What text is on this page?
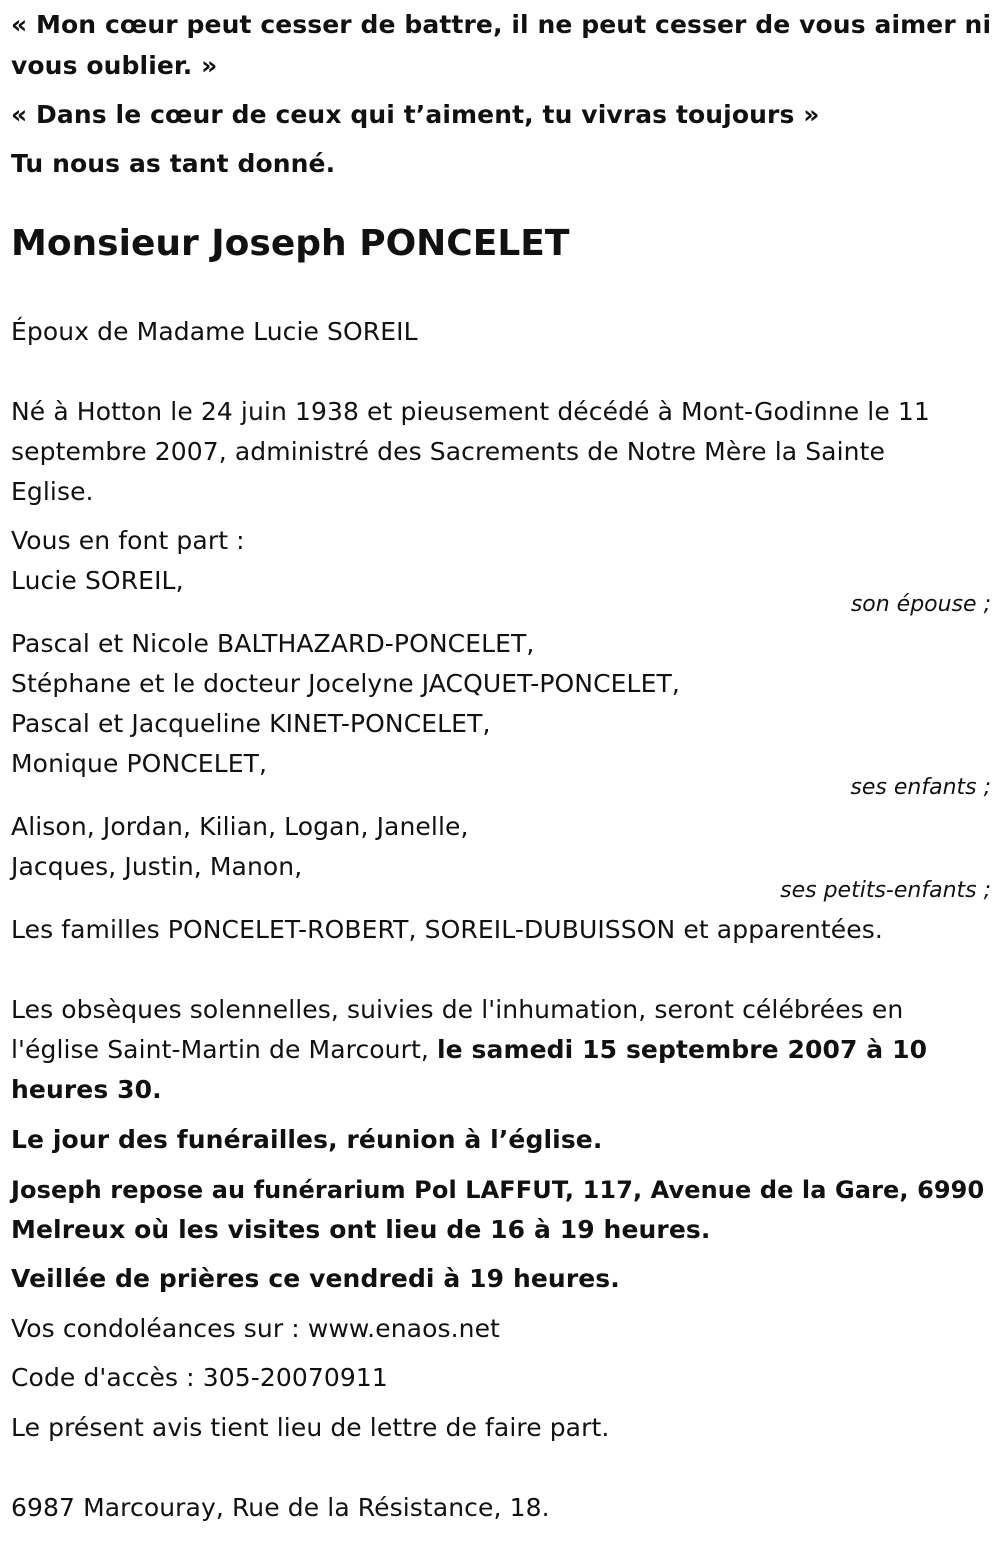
« Mon cœur peut cesser de battre, il ne peut cesser de vous aimer ni
vous oublier. »
« Dans le cœur de ceux qui t’aiment, tu vivras toujours »
Tu nous as tant donné.
Monsieur Joseph PONCELET
Époux de Madame Lucie SOREIL
Né à Hotton le 24 juin 1938 et pieusement décédé à Mont-Godinne le 11
septembre 2007, administré des Sacrements de Notre Mère la Sainte
Eglise.
Vous en font part :
Lucie SOREIL,
son épouse ;
Pascal et Nicole BALTHAZARD-PONCELET,
Stéphane et le docteur Jocelyne JACQUET-PONCELET,
Pascal et Jacqueline KINET-PONCELET,
Monique PONCELET,
ses enfants ;
Alison, Jordan, Kilian, Logan, Janelle,
Jacques, Justin, Manon,
ses petits-enfants ;
Les familles PONCELET-ROBERT, SOREIL-DUBUISSON et apparentées.
Les obsèques solennelles, suivies de l'inhumation, seront célébrées en
l'église Saint-Martin de Marcourt, le samedi 15 septembre 2007 à 10
heures 30.
Le jour des funérailles, réunion à l’église.
Joseph repose au funérarium Pol LAFFUT, 117, Avenue de la Gare, 6990
Melreux où les visites ont lieu de 16 à 19 heures.
Veillée de prières ce vendredi à 19 heures.
Vos condoléances sur : www.enaos.net
Code d'accès : 305-20070911
Le présent avis tient lieu de lettre de faire part.
6987 Marcouray, Rue de la Résistance, 18.
